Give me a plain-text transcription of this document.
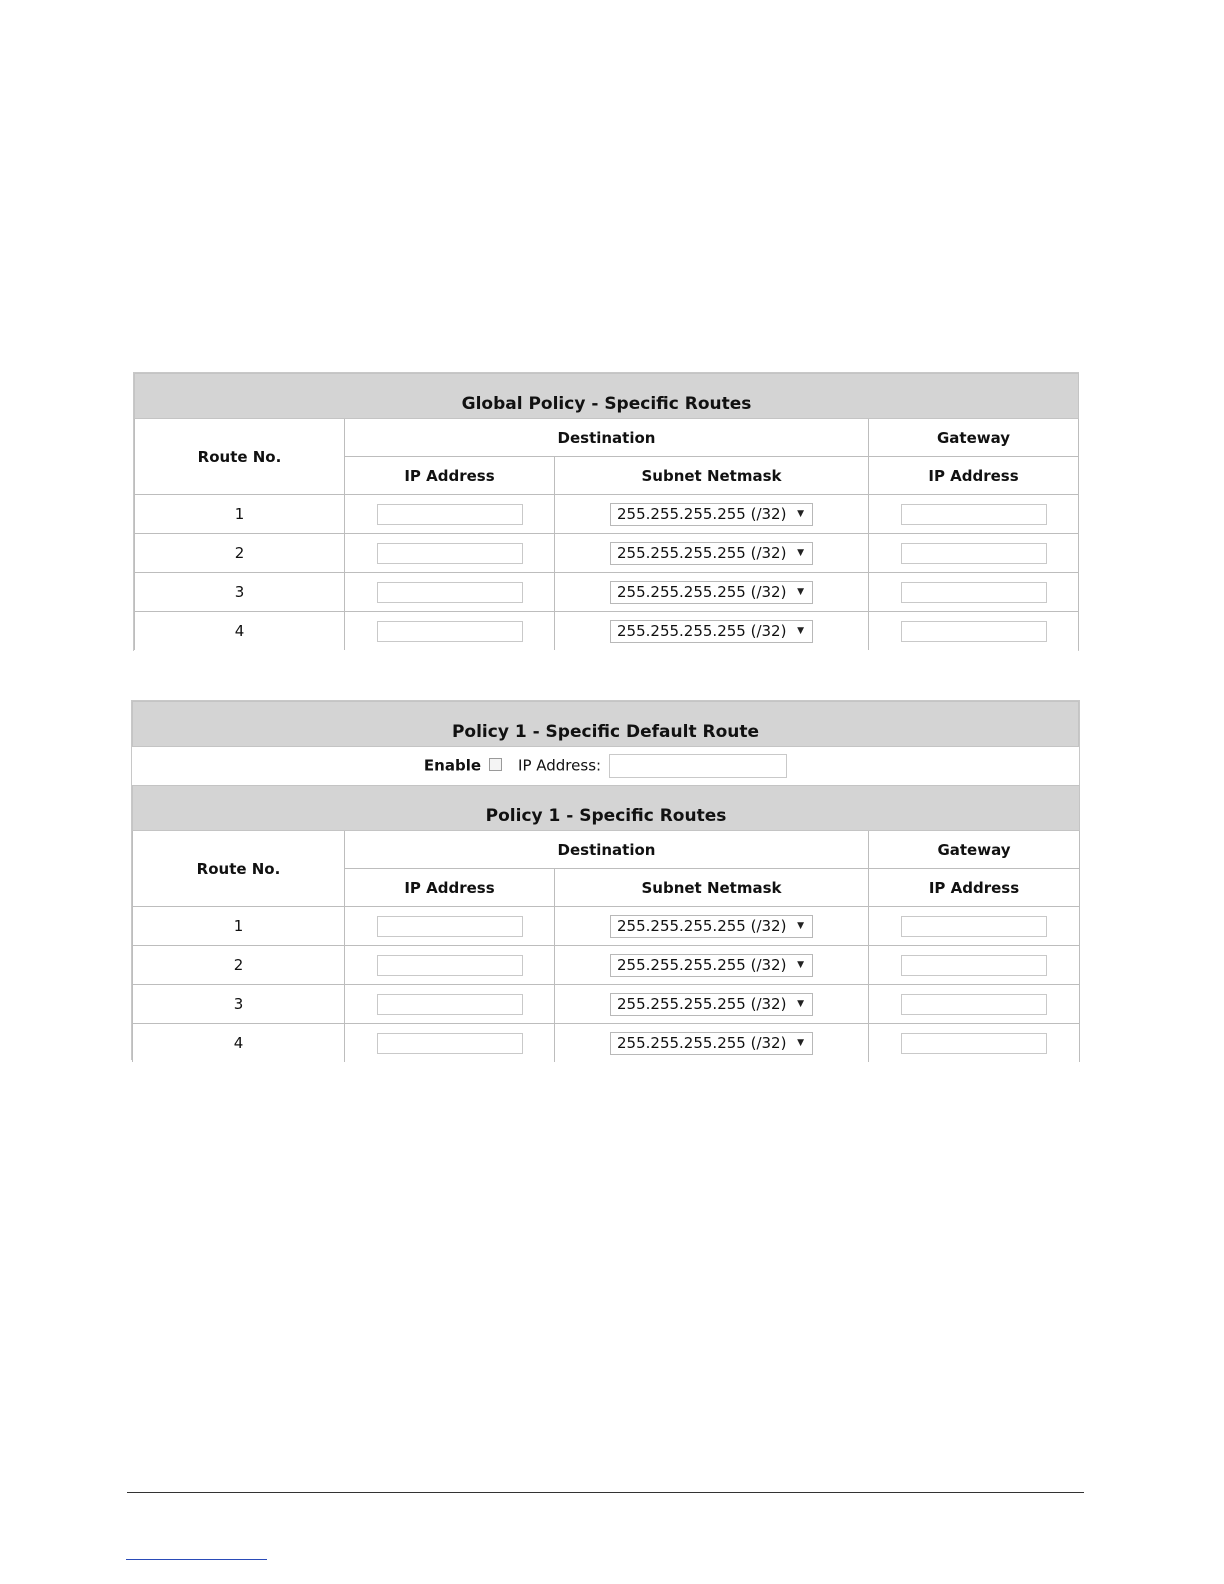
Global Policy - Specific Routes			
Route No.	Destination		Gateway
	IP Address	Subnet Netmask	IP Address
1		255.255.255.255 (/32) ▼	

2		255.255.255.255 (/32) ▼	

3		255.255.255.255 (/32) ▼	

4		255.255.255.255 (/32) ▼	

Policy 1 - Specific Default Route
Enable IP Address:
Policy 1 - Specific Routes			
Route No.	Destination		Gateway
	IP Address	Subnet Netmask	IP Address
1		255.255.255.255 (/32) ▼	

2		255.255.255.255 (/32) ▼	

3		255.255.255.255 (/32) ▼	

4		255.255.255.255 (/32) ▼	
